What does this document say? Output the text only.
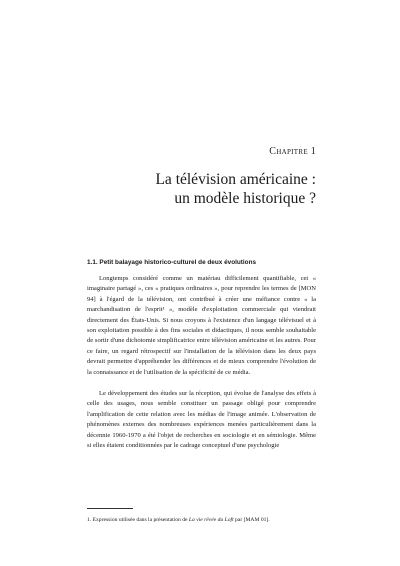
Chapitre 1
La télévision américaine :
un modèle historique ?
1.1. Petit balayage historico-culturel de deux évolutions

Longtemps considéré comme un matériau difficilement quantifiable, cet « imaginaire partagé », ces « pratiques ordinaires », pour reprendre les termes de [MON 94] à l'égard de la télévision, ont contribué à créer une méfiance contre « la marchandisation de l'esprit¹ », modèle d'exploitation commerciale qui viendrait directement des États-Unis. Si nous croyons à l'existence d'un langage télévisuel et à son exploitation possible à des fins sociales et didactiques, il nous semble souhaitable de sortir d'une dichotomie simplificatrice entre télévision américaine et les autres. Pour ce faire, un regard rétrospectif sur l'installation de la télévision dans les deux pays devrait permettre d'appréhender les différences et de mieux comprendre l'évolution de la connaissance et de l'utilisation de la spécificité de ce média.

Le développement des études sur la réception, qui évolue de l'analyse des effets à celle des usages, nous semble constituer un passage obligé pour comprendre l'amplification de cette relation avec les médias de l'image animée. L'observation de phénomènes externes des nombreuses expériences menées particulièrement dans la décennie 1960-1970 a été l'objet de recherches en sociologie et en sémiologie. Même si elles étaient conditionnées par le cadrage conceptuel d'une psychologie

1. Expression utilisée dans la présentation de La vie rêvée du Loft par [MAM 01].
